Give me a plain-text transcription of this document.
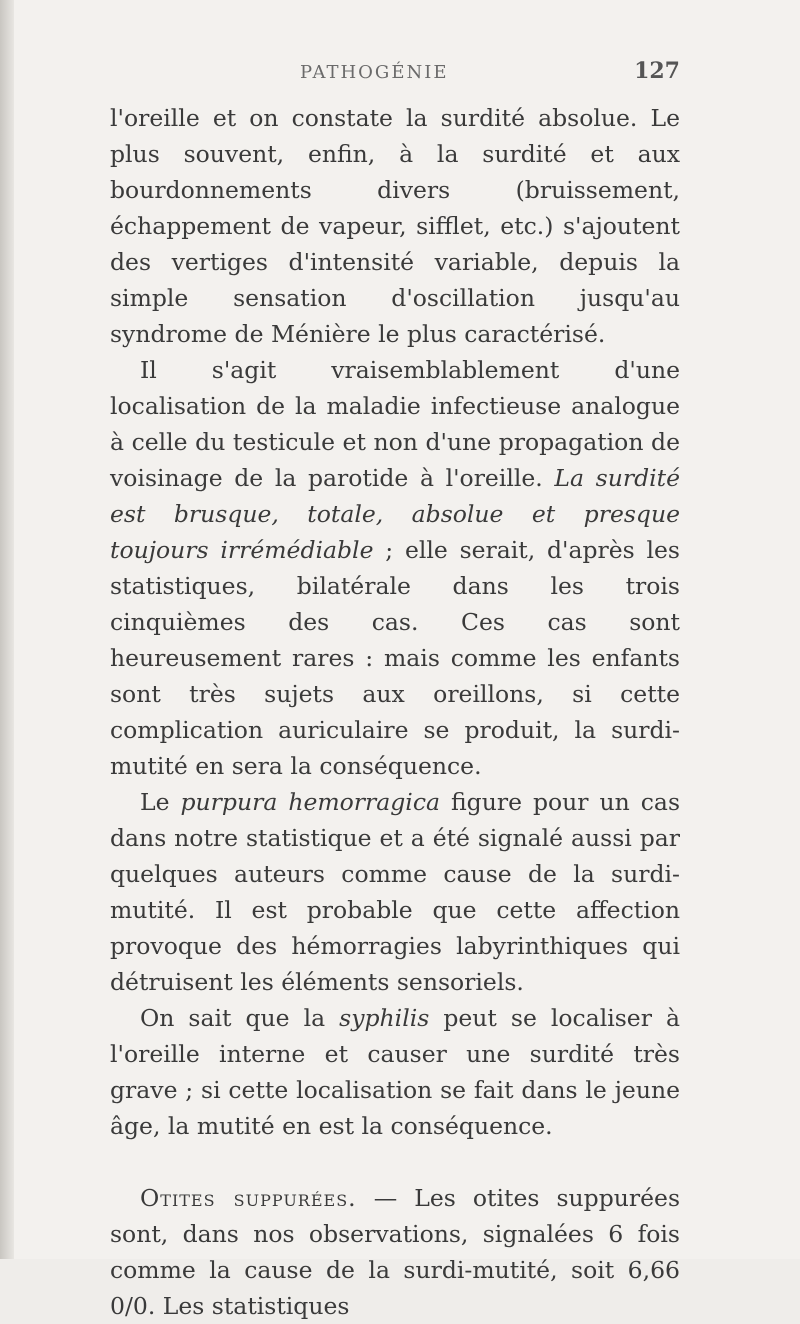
PATHOGÉNIE	127

l'oreille et on constate la surdité absolue. Le plus souvent, enfin, à la surdité et aux bourdonnements divers (bruissement, échappement de vapeur, sifflet, etc.) s'ajoutent des vertiges d'intensité variable, depuis la simple sensation d'oscillation jusqu'au syndrome de Ménière le plus caractérisé.

Il s'agit vraisemblablement d'une localisation de la maladie infectieuse analogue à celle du testicule et non d'une propagation de voisinage de la parotide à l'oreille. La surdité est brusque, totale, absolue et presque toujours irrémédiable ; elle serait, d'après les statistiques, bilatérale dans les trois cinquièmes des cas. Ces cas sont heureusement rares : mais comme les enfants sont très sujets aux oreillons, si cette complication auriculaire se produit, la surdi-mutité en sera la conséquence.

Le purpura hemorragica figure pour un cas dans notre statistique et a été signalé aussi par quelques auteurs comme cause de la surdi-mutité. Il est probable que cette affection provoque des hémorragies labyrinthiques qui détruisent les éléments sensoriels.

On sait que la syphilis peut se localiser à l'oreille interne et causer une surdité très grave ; si cette localisation se fait dans le jeune âge, la mutité en est la conséquence.

Otites suppurées. — Les otites suppurées sont, dans nos observations, signalées 6 fois comme la cause de la surdi-mutité, soit 6,66 0/0. Les statistiques
